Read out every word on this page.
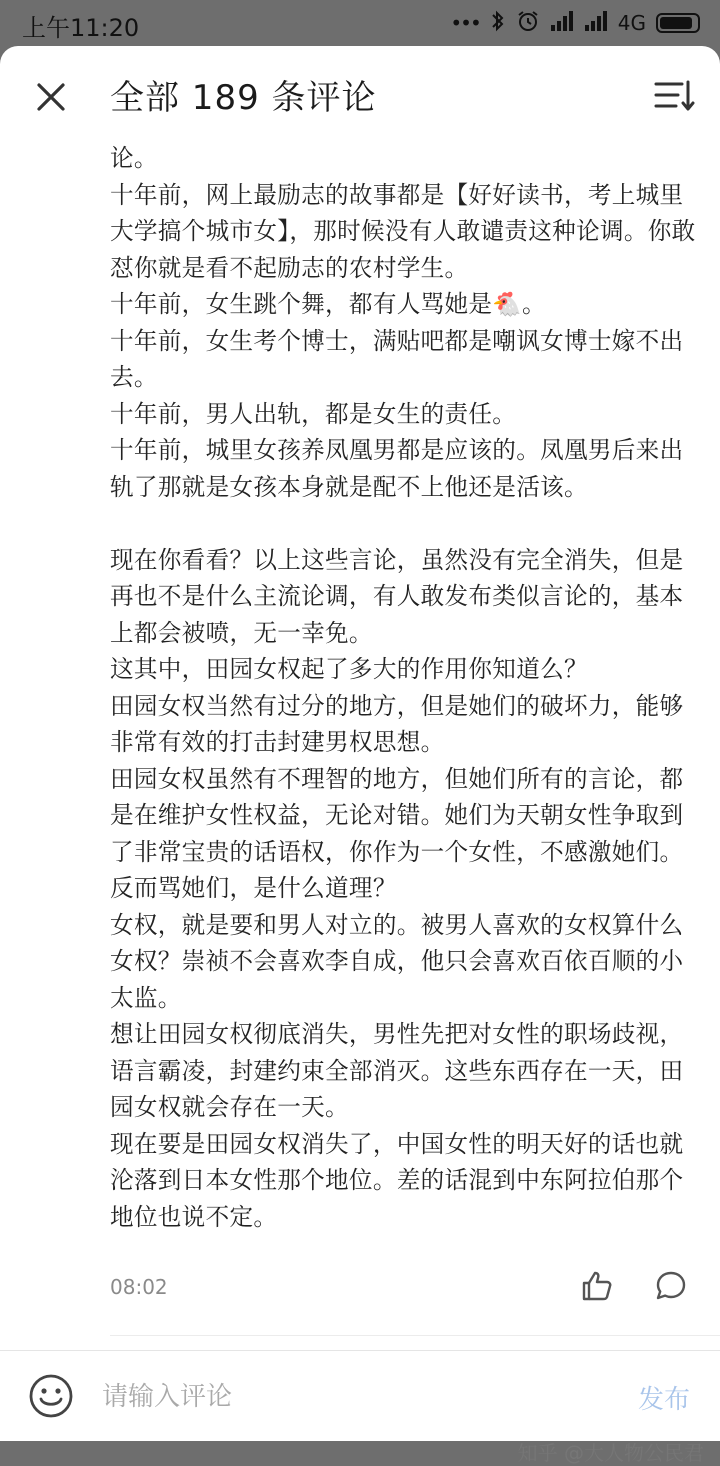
上午11:20	•••	4G
全部 189 条评论

论。

十年前，网上最励志的故事都是【好好读书，考上城里大学搞个城市女】，那时候没有人敢谴责这种论调。你敢怼你就是看不起励志的农村学生。

十年前，女生跳个舞，都有人骂她是🐔。

十年前，女生考个博士，满贴吧都是嘲讽女博士嫁不出去。

十年前，男人出轨，都是女生的责任。

十年前，城里女孩养凤凰男都是应该的。凤凰男后来出轨了那就是女孩本身就是配不上他还是活该。

现在你看看？以上这些言论，虽然没有完全消失，但是再也不是什么主流论调，有人敢发布类似言论的，基本上都会被喷，无一幸免。

这其中，田园女权起了多大的作用你知道么？

田园女权当然有过分的地方，但是她们的破坏力，能够非常有效的打击封建男权思想。

田园女权虽然有不理智的地方，但她们所有的言论，都是在维护女性权益，无论对错。她们为天朝女性争取到了非常宝贵的话语权，你作为一个女性，不感激她们。反而骂她们，是什么道理？

女权，就是要和男人对立的。被男人喜欢的女权算什么女权？崇祯不会喜欢李自成，他只会喜欢百依百顺的小太监。

想让田园女权彻底消失，男性先把对女性的职场歧视，语言霸凌，封建约束全部消灭。这些东西存在一天，田园女权就会存在一天。

现在要是田园女权消失了，中国女性的明天好的话也就沦落到日本女性那个地位。差的话混到中东阿拉伯那个地位也说不定。

08:02
请输入评论
发布
知乎 @大人物公民君
